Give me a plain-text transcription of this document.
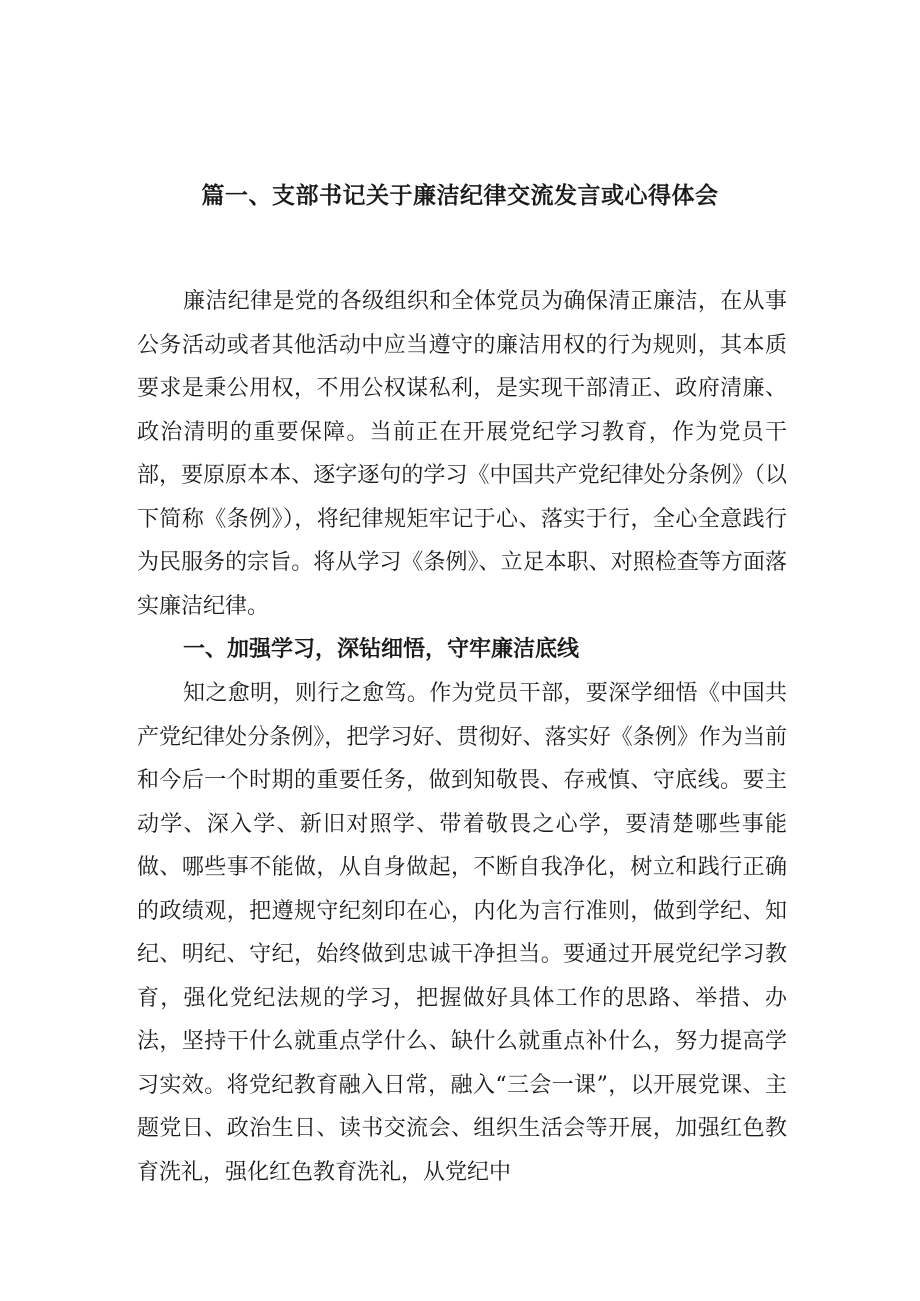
篇一、支部书记关于廉洁纪律交流发言或心得体会

廉洁纪律是党的各级组织和全体党员为确保清正廉洁，在从事公务活动或者其他活动中应当遵守的廉洁用权的行为规则，其本质要求是秉公用权，不用公权谋私利，是实现干部清正、政府清廉、政治清明的重要保障。当前正在开展党纪学习教育，作为党员干部，要原原本本、逐字逐句的学习《中国共产党纪律处分条例》（以下简称《条例》），将纪律规矩牢记于心、落实于行，全心全意践行为民服务的宗旨。将从学习《条例》、立足本职、对照检查等方面落实廉洁纪律。

一、加强学习，深钻细悟，守牢廉洁底线

知之愈明，则行之愈笃。作为党员干部，要深学细悟《中国共产党纪律处分条例》，把学习好、贯彻好、落实好《条例》作为当前和今后一个时期的重要任务，做到知敬畏、存戒慎、守底线。要主动学、深入学、新旧对照学、带着敬畏之心学，要清楚哪些事能做、哪些事不能做，从自身做起，不断自我净化，树立和践行正确的政绩观，把遵规守纪刻印在心，内化为言行准则，做到学纪、知纪、明纪、守纪，始终做到忠诚干净担当。要通过开展党纪学习教育，强化党纪法规的学习，把握做好具体工作的思路、举措、办法，坚持干什么就重点学什么、缺什么就重点补什么，努力提高学习实效。将党纪教育融入日常，融入“三会一课”，以开展党课、主题党日、政治生日、读书交流会、组织生活会等开展，加强红色教育洗礼，强化红色教育洗礼，从党纪中
